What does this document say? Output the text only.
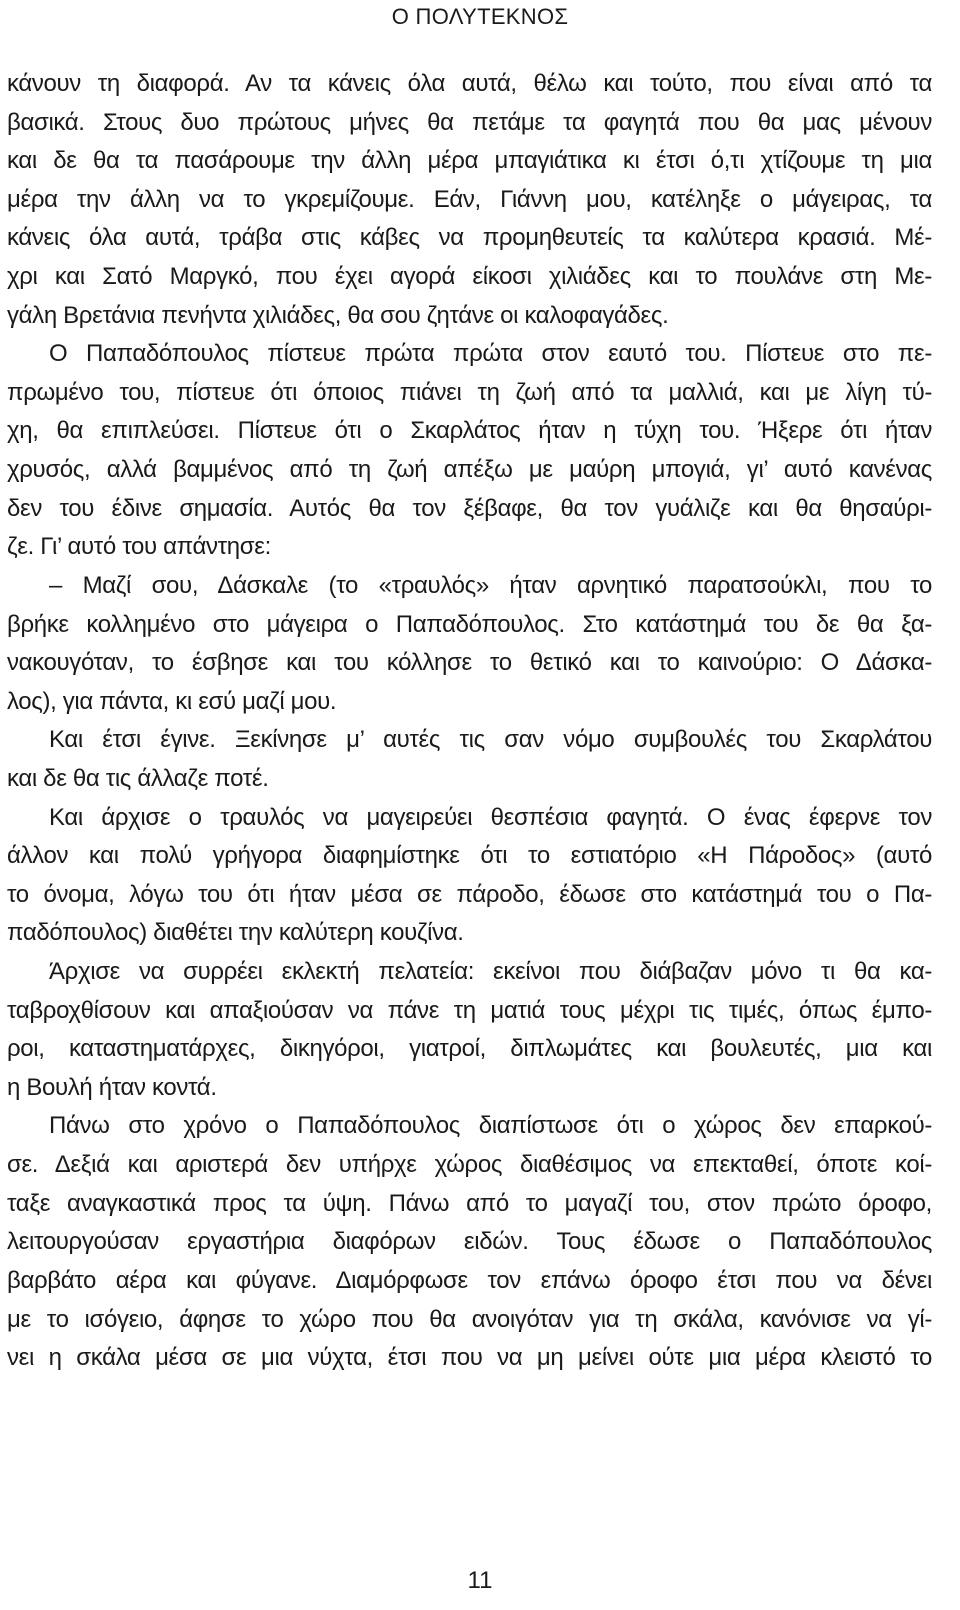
Ο ΠΟΛΥΤΕΚΝΟΣ
κάνουν τη διαφορά. Αν τα κάνεις όλα αυτά, θέλω και τούτο, που είναι από τα
βασικά. Στους δυο πρώτους μήνες θα πετάμε τα φαγητά που θα μας μένουν
και δε θα τα πασάρουμε την άλλη μέρα μπαγιάτικα κι έτσι ό,τι χτίζουμε τη μια
μέρα την άλλη να το γκρεμίζουμε. Εάν, Γιάννη μου, κατέληξε ο μάγειρας, τα
κάνεις όλα αυτά, τράβα στις κάβες να προμηθευτείς τα καλύτερα κρασιά. Μέ-
χρι και Σατό Μαργκό, που έχει αγορά είκοσι χιλιάδες και το πουλάνε στη Με-
γάλη Βρετάνια πενήντα χιλιάδες, θα σου ζητάνε οι καλοφαγάδες.
Ο Παπαδόπουλος πίστευε πρώτα πρώτα στον εαυτό του. Πίστευε στο πε-
πρωμένο του, πίστευε ότι όποιος πιάνει τη ζωή από τα μαλλιά, και με λίγη τύ-
χη, θα επιπλεύσει. Πίστευε ότι ο Σκαρλάτος ήταν η τύχη του. Ήξερε ότι ήταν
χρυσός, αλλά βαμμένος από τη ζωή απέξω με μαύρη μπογιά, γι’ αυτό κανένας
δεν του έδινε σημασία. Αυτός θα τον ξέβαφε, θα τον γυάλιζε και θα θησαύρι-
ζε. Γι’ αυτό του απάντησε:
– Μαζί σου, Δάσκαλε (το «τραυλός» ήταν αρνητικό παρατσούκλι, που το
βρήκε κολλημένο στο μάγειρα ο Παπαδόπουλος. Στο κατάστημά του δε θα ξα-
νακουγόταν, το έσβησε και του κόλλησε το θετικό και το καινούριο: Ο Δάσκα-
λος), για πάντα, κι εσύ μαζί μου.
Και έτσι έγινε. Ξεκίνησε μ’ αυτές τις σαν νόμο συμβουλές του Σκαρλάτου
και δε θα τις άλλαζε ποτέ.
Και άρχισε ο τραυλός να μαγειρεύει θεσπέσια φαγητά. Ο ένας έφερνε τον
άλλον και πολύ γρήγορα διαφημίστηκε ότι το εστιατόριο «Η Πάροδος» (αυτό
το όνομα, λόγω του ότι ήταν μέσα σε πάροδο, έδωσε στο κατάστημά του ο Πα-
παδόπουλος) διαθέτει την καλύτερη κουζίνα.
Άρχισε να συρρέει εκλεκτή πελατεία: εκείνοι που διάβαζαν μόνο τι θα κα-
ταβροχθίσουν και απαξιούσαν να πάνε τη ματιά τους μέχρι τις τιμές, όπως έμπο-
ροι, καταστηματάρχες, δικηγόροι, γιατροί, διπλωμάτες και βουλευτές, μια και
η Βουλή ήταν κοντά.
Πάνω στο χρόνο ο Παπαδόπουλος διαπίστωσε ότι ο χώρος δεν επαρκού-
σε. Δεξιά και αριστερά δεν υπήρχε χώρος διαθέσιμος να επεκταθεί, όποτε κοί-
ταξε αναγκαστικά προς τα ύψη. Πάνω από το μαγαζί του, στον πρώτο όροφο,
λειτουργούσαν εργαστήρια διαφόρων ειδών. Τους έδωσε ο Παπαδόπουλος
βαρβάτο αέρα και φύγανε. Διαμόρφωσε τον επάνω όροφο έτσι που να δένει
με το ισόγειο, άφησε το χώρο που θα ανοιγόταν για τη σκάλα, κανόνισε να γί-
νει η σκάλα μέσα σε μια νύχτα, έτσι που να μη μείνει ούτε μια μέρα κλειστό το
11
